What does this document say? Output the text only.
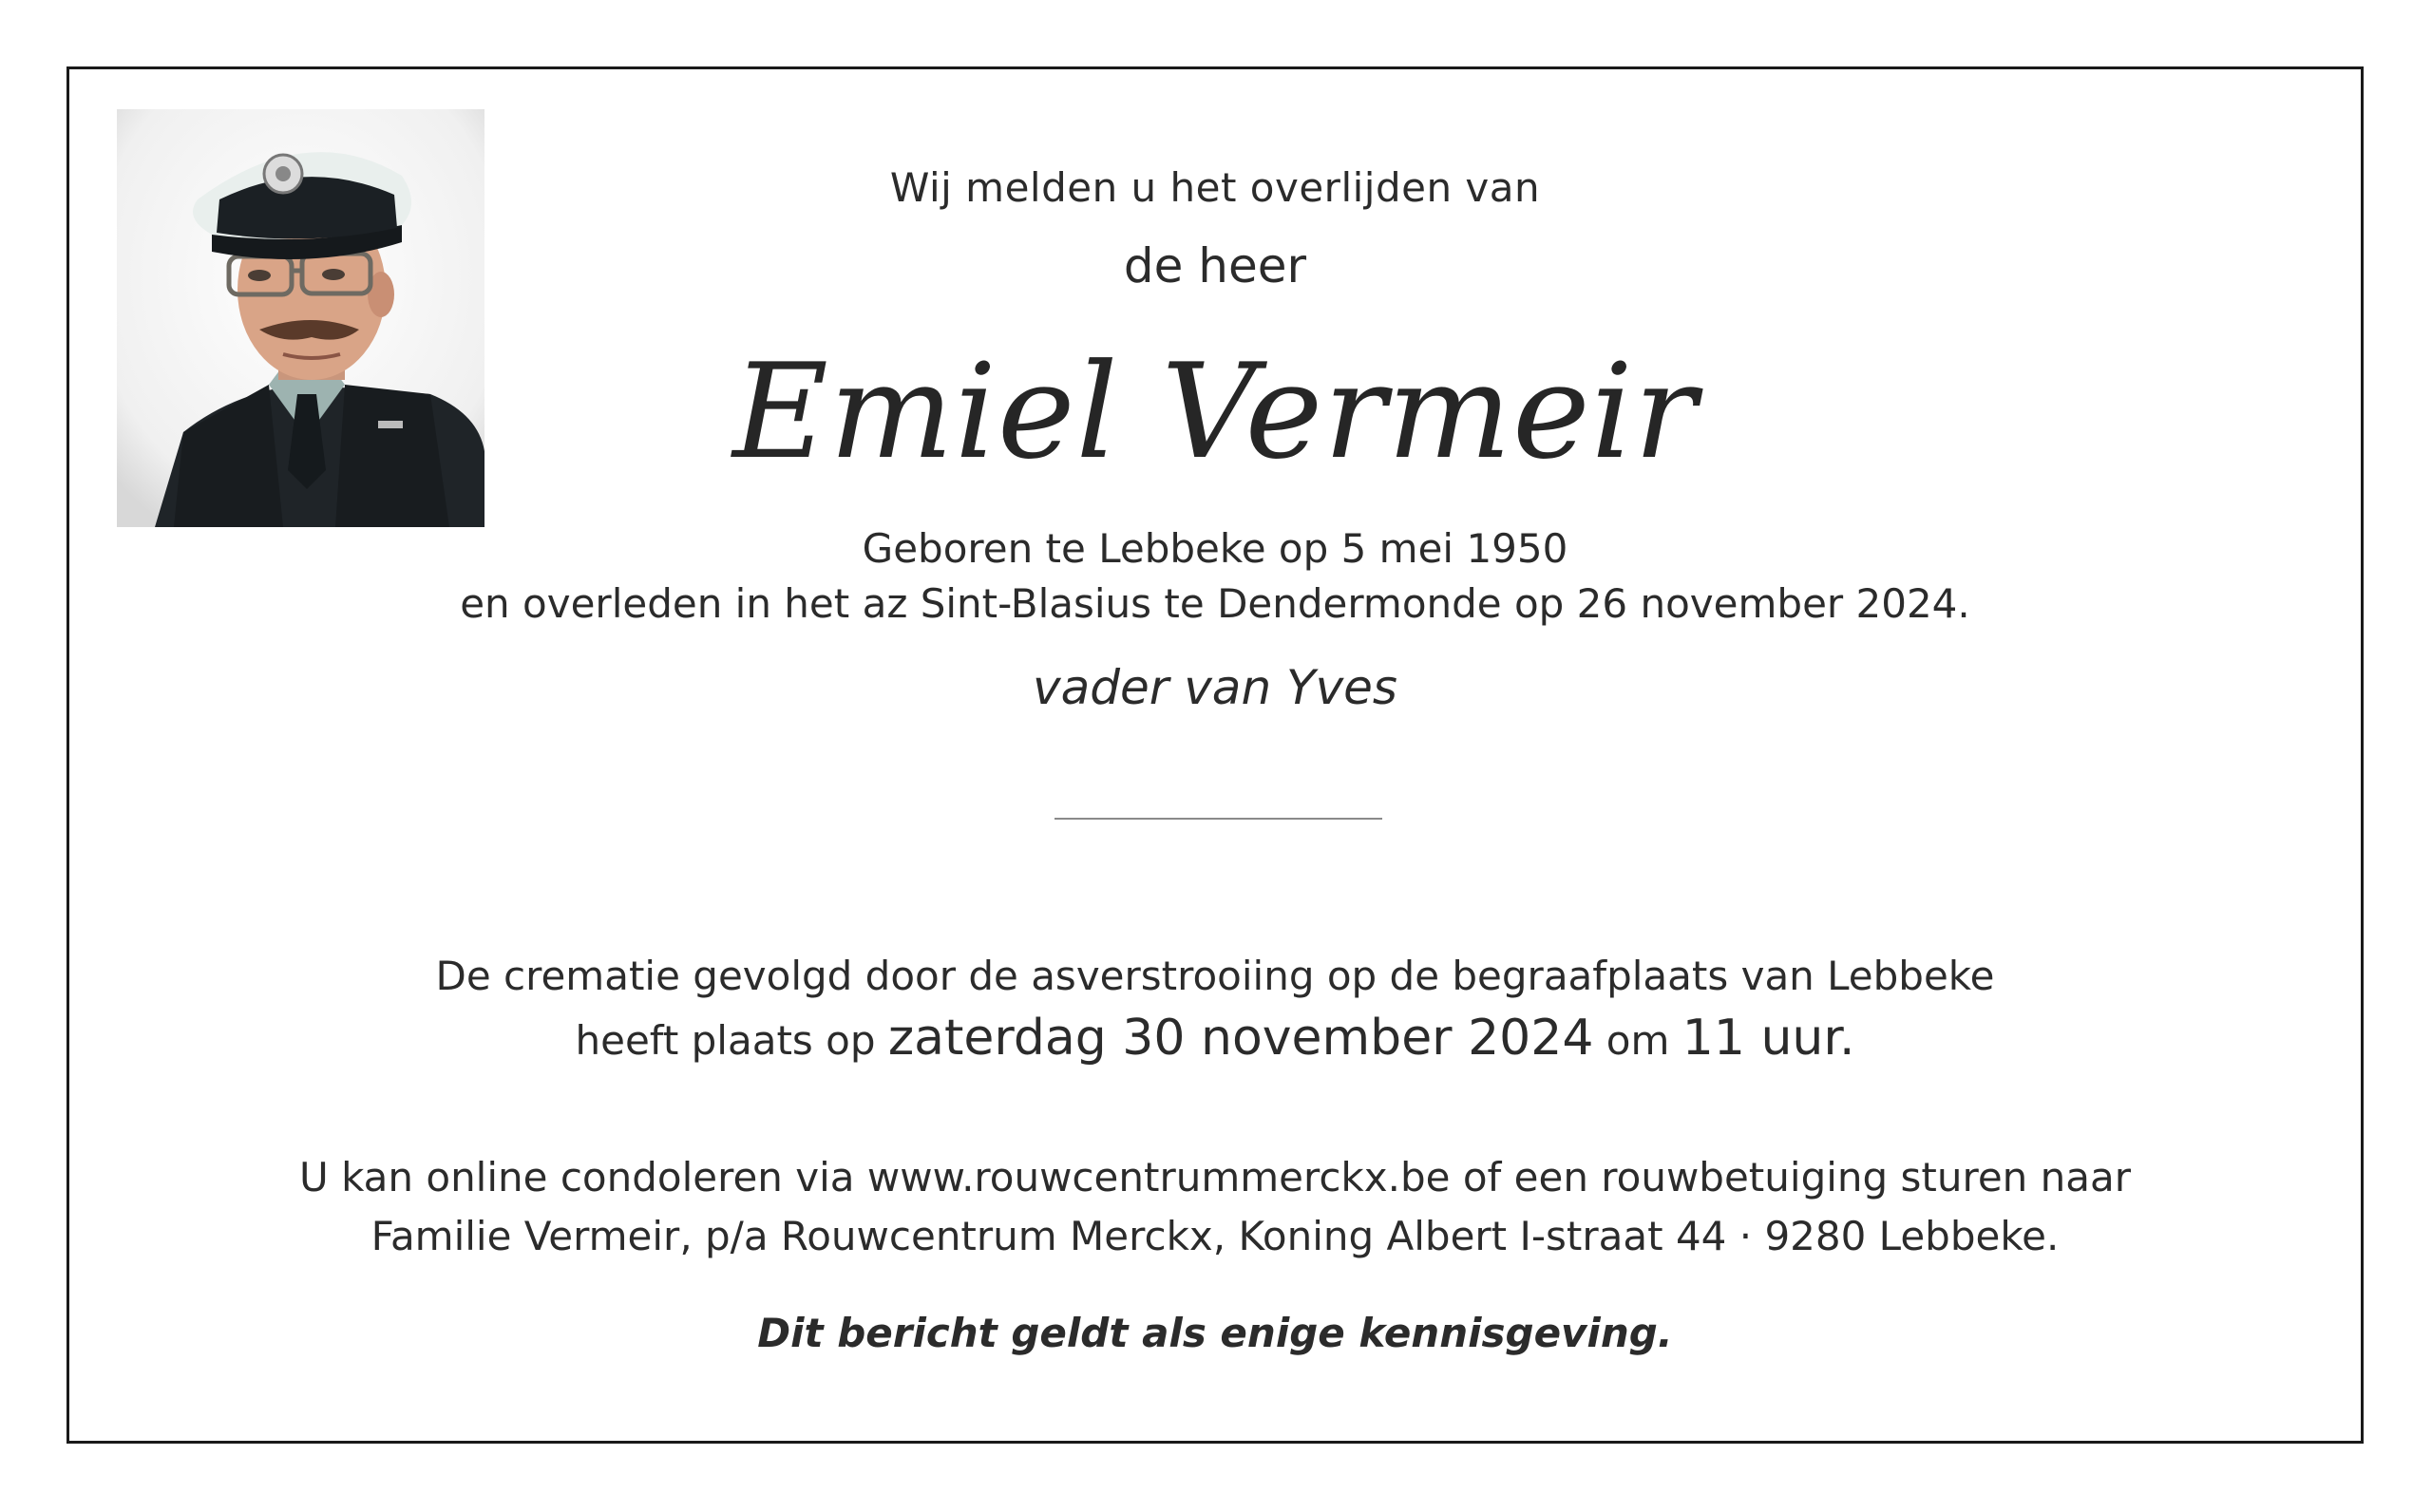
Wij melden u het overlijden van
de heer
Emiel Vermeir
Geboren te Lebbeke op 5 mei 1950
en overleden in het az Sint-Blasius te Dendermonde op 26 november 2024.
vader van Yves
De crematie gevolgd door de asverstrooiing op de begraafplaats van Lebbeke
heeft plaats op zaterdag 30 november 2024 om 11 uur.
U kan online condoleren via www.rouwcentrummerckx.be of een rouwbetuiging sturen naar
Familie Vermeir, p/a Rouwcentrum Merckx, Koning Albert I-straat 44 · 9280 Lebbeke.
Dit bericht geldt als enige kennisgeving.
